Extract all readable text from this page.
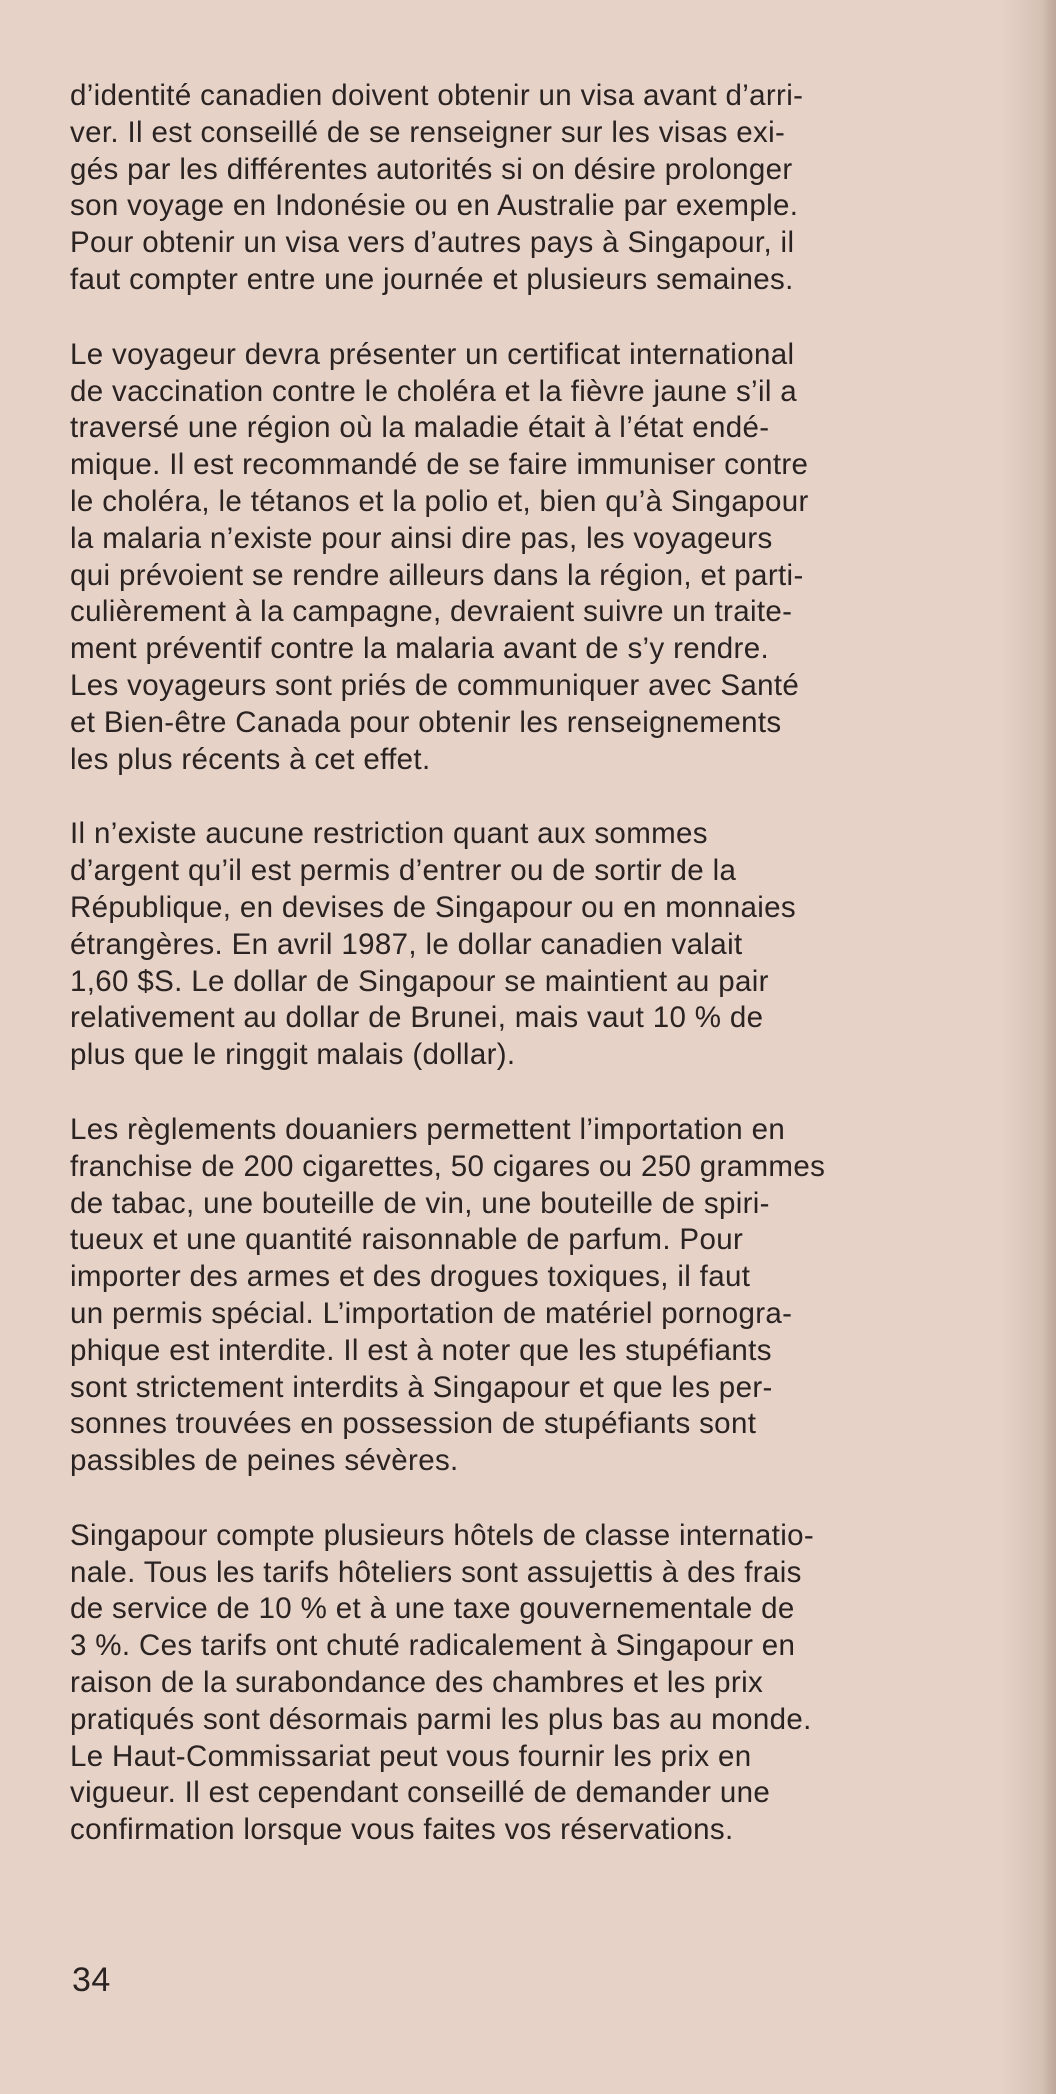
d’identité canadien doivent obtenir un visa avant d’arri-
ver. Il est conseillé de se renseigner sur les visas exi-
gés par les différentes autorités si on désire prolonger
son voyage en Indonésie ou en Australie par exemple.
Pour obtenir un visa vers d’autres pays à Singapour, il
faut compter entre une journée et plusieurs semaines.

Le voyageur devra présenter un certificat international
de vaccination contre le choléra et la fièvre jaune s’il a
traversé une région où la maladie était à l’état endé-
mique. Il est recommandé de se faire immuniser contre
le choléra, le tétanos et la polio et, bien qu’à Singapour
la malaria n’existe pour ainsi dire pas, les voyageurs
qui prévoient se rendre ailleurs dans la région, et parti-
culièrement à la campagne, devraient suivre un traite-
ment préventif contre la malaria avant de s’y rendre.
Les voyageurs sont priés de communiquer avec Santé
et Bien-être Canada pour obtenir les renseignements
les plus récents à cet effet.

Il n’existe aucune restriction quant aux sommes
d’argent qu’il est permis d’entrer ou de sortir de la
République, en devises de Singapour ou en monnaies
étrangères. En avril 1987, le dollar canadien valait
1,60 $S. Le dollar de Singapour se maintient au pair
relativement au dollar de Brunei, mais vaut 10 % de
plus que le ringgit malais (dollar).

Les règlements douaniers permettent l’importation en
franchise de 200 cigarettes, 50 cigares ou 250 grammes
de tabac, une bouteille de vin, une bouteille de spiri-
tueux et une quantité raisonnable de parfum. Pour
importer des armes et des drogues toxiques, il faut
un permis spécial. L’importation de matériel pornogra-
phique est interdite. Il est à noter que les stupéfiants
sont strictement interdits à Singapour et que les per-
sonnes trouvées en possession de stupéfiants sont
passibles de peines sévères.

Singapour compte plusieurs hôtels de classe internatio-
nale. Tous les tarifs hôteliers sont assujettis à des frais
de service de 10 % et à une taxe gouvernementale de
3 %. Ces tarifs ont chuté radicalement à Singapour en
raison de la surabondance des chambres et les prix
pratiqués sont désormais parmi les plus bas au monde.
Le Haut-Commissariat peut vous fournir les prix en
vigueur. Il est cependant conseillé de demander une
confirmation lorsque vous faites vos réservations.

34
